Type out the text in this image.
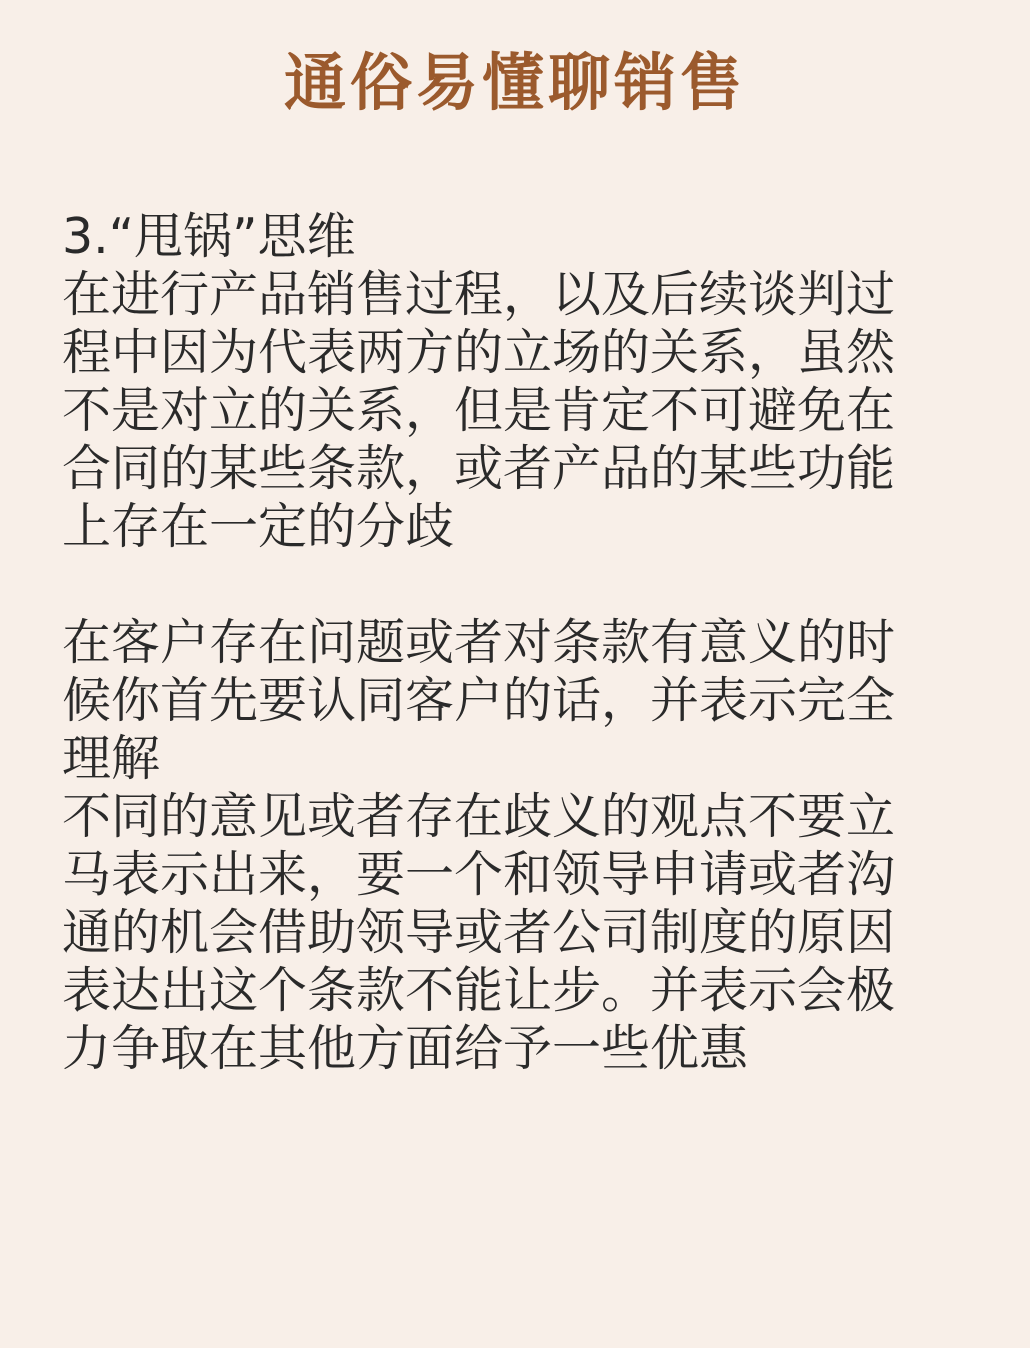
通俗易懂聊销售
3.“甩锅”思维
在进行产品销售过程，以及后续谈判过
程中因为代表两方的立场的关系，虽然
不是对立的关系，但是肯定不可避免在
合同的某些条款，或者产品的某些功能
上存在一定的分歧
在客户存在问题或者对条款有意义的时
候你首先要认同客户的话，并表示完全
理解
不同的意见或者存在歧义的观点不要立
马表示出来，要一个和领导申请或者沟
通的机会借助领导或者公司制度的原因
表达出这个条款不能让步。并表示会极
力争取在其他方面给予一些优惠
